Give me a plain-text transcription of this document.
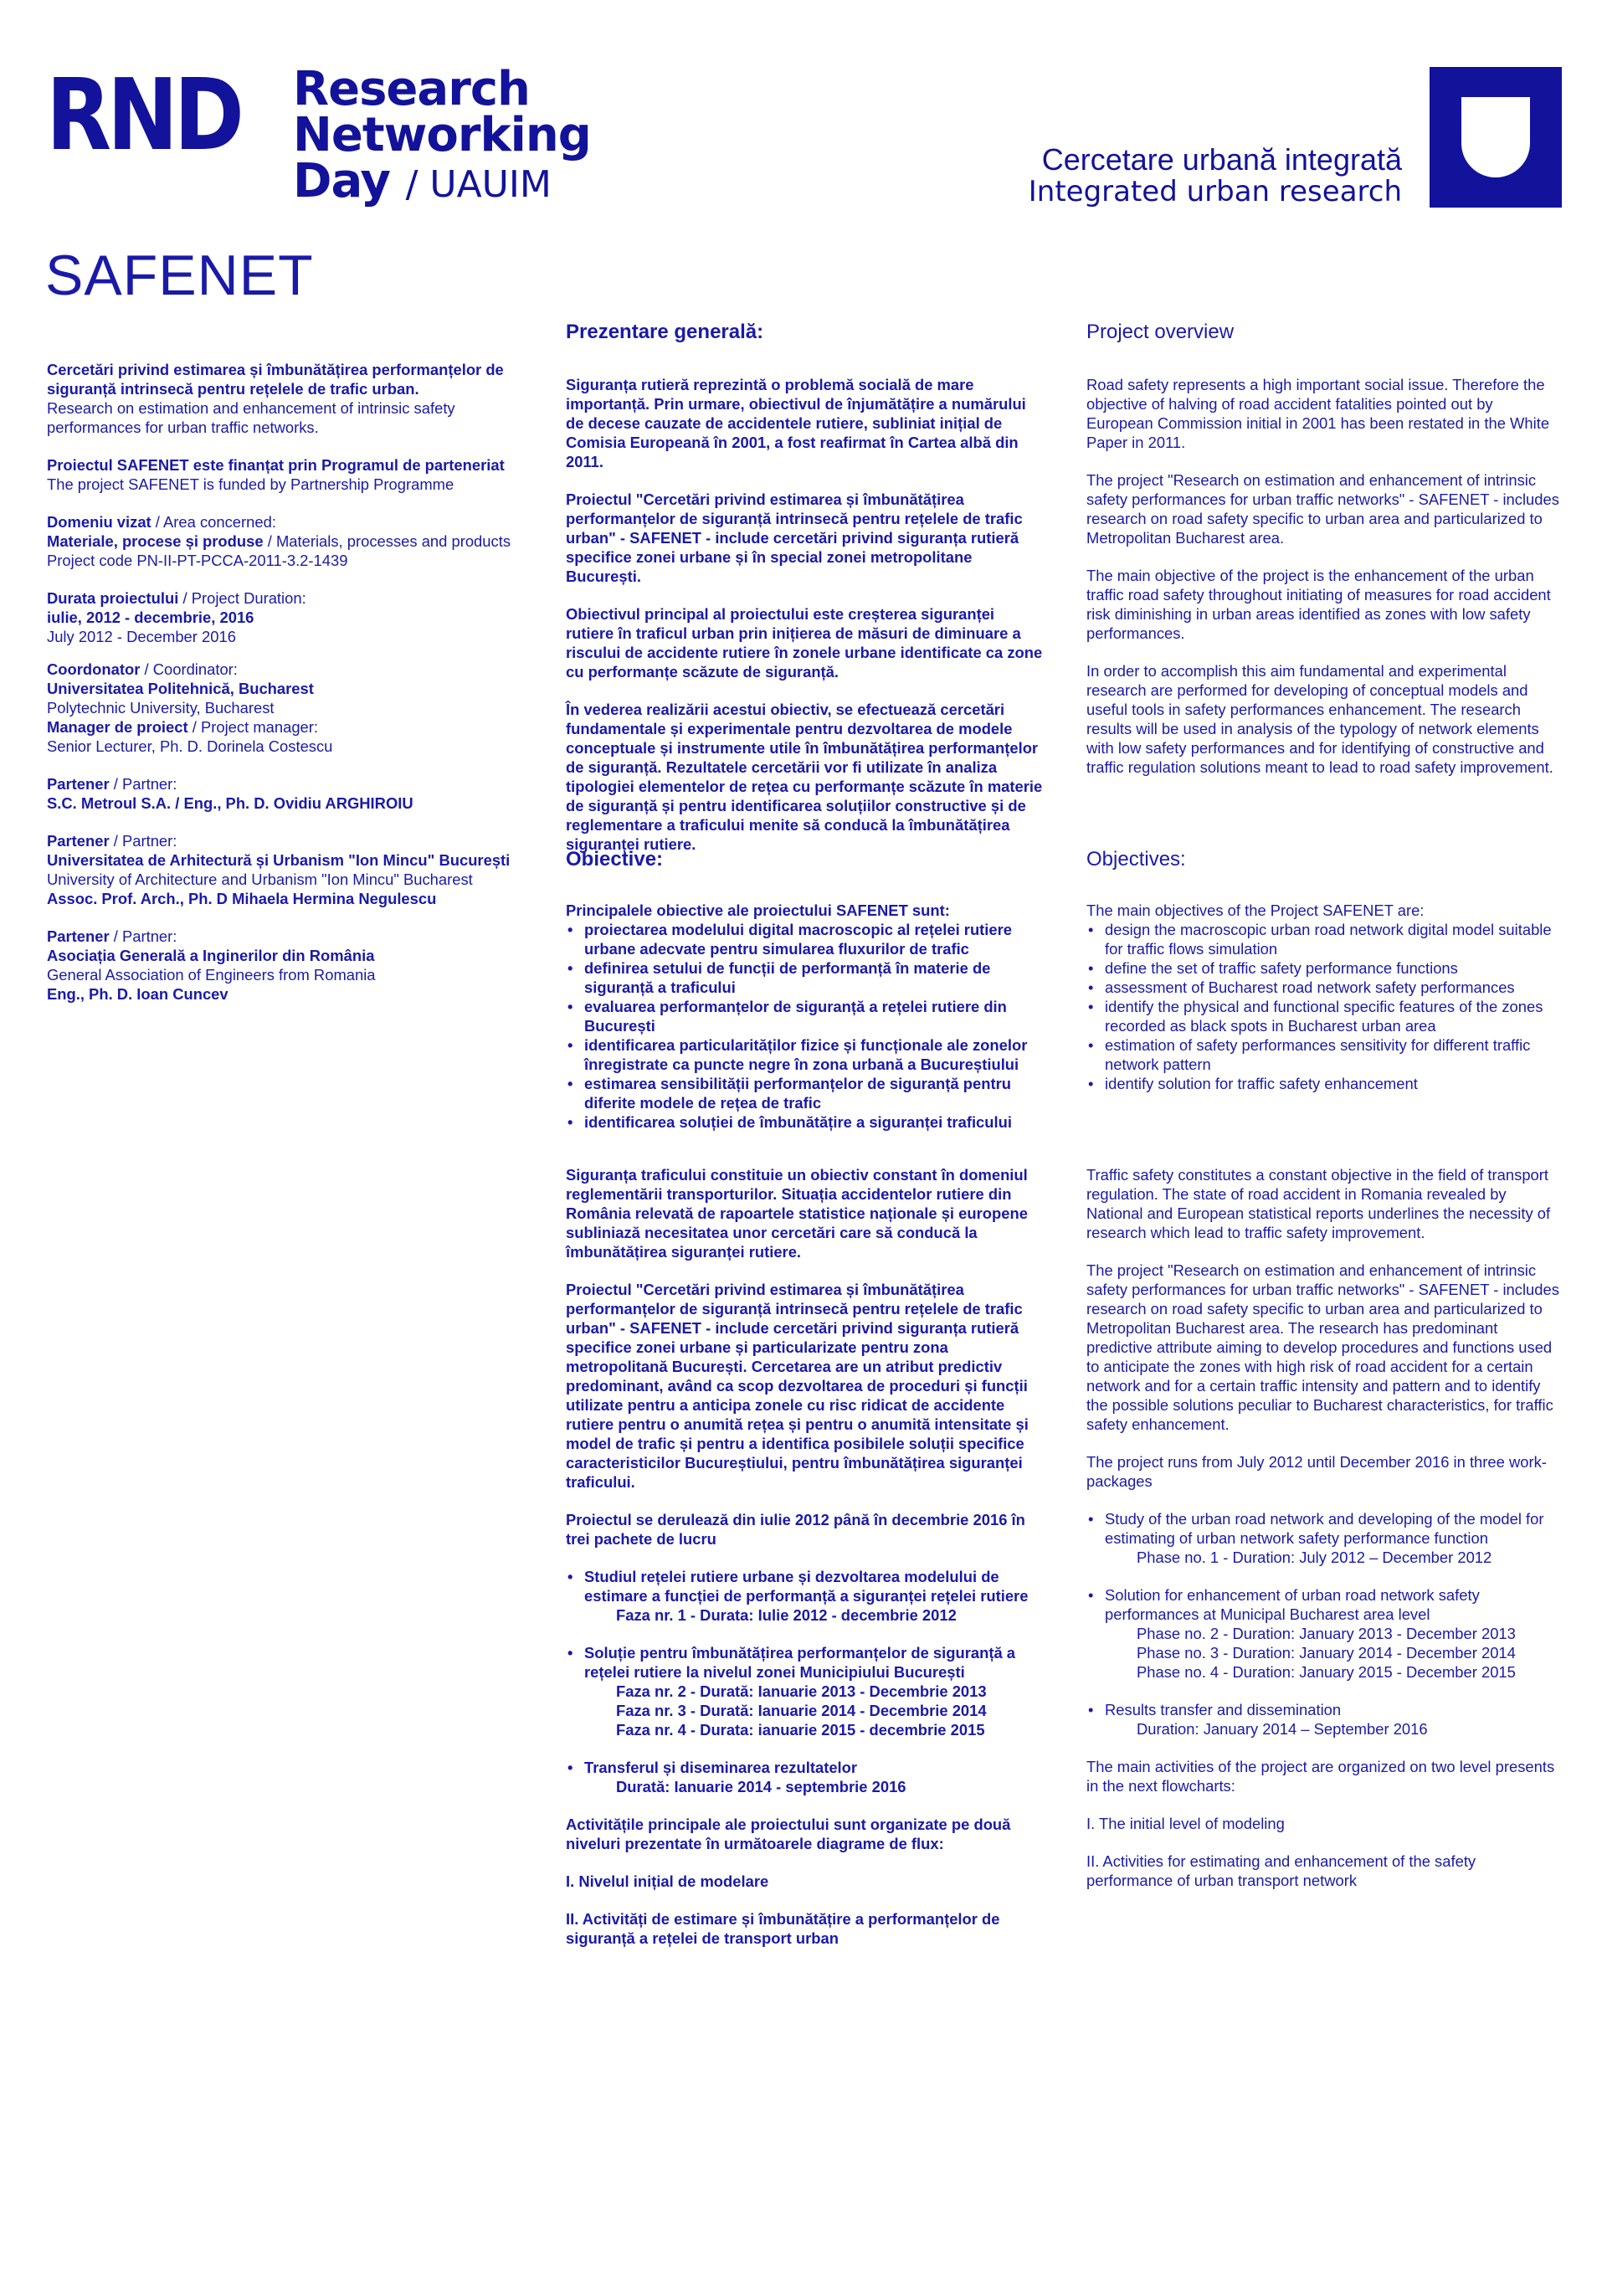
RND Research
Networking
Day / UAUIM
Cercetare urbană integrată
Integrated urban research
SAFENET

Cercetări privind estimarea și îmbunătățirea performanțelor de siguranță intrinsecă pentru rețelele de trafic urban.

Research on estimation and enhancement of intrinsic safety performances for urban traffic networks.

Proiectul SAFENET este finanțat prin Programul de parteneriat

The project SAFENET is funded by Partnership Programme

Domeniu vizat / Area concerned:

Materiale, procese și produse / Materials, processes and products

Project code PN-II-PT-PCCA-2011-3.2-1439

Durata proiectului / Project Duration:

iulie, 2012 - decembrie, 2016

July 2012 - December 2016

Coordonator / Coordinator:

Universitatea Politehnică, Bucharest

Polytechnic University, Bucharest

Manager de proiect / Project manager:

Senior Lecturer, Ph. D. Dorinela Costescu

Partener / Partner:

S.C. Metroul S.A. / Eng., Ph. D. Ovidiu ARGHIROIU

Partener / Partner:

Universitatea de Arhitectură și Urbanism "Ion Mincu" București

University of Architecture and Urbanism "Ion Mincu" Bucharest

Assoc. Prof. Arch., Ph. D Mihaela Hermina Negulescu

Partener / Partner:

Asociația Generală a Inginerilor din România

General Association of Engineers from Romania

Eng., Ph. D. Ioan Cuncev

Prezentare generală:

Siguranța rutieră reprezintă o problemă socială de mare importanță. Prin urmare, obiectivul de înjumătățire a numărului de decese cauzate de accidentele rutiere, subliniat inițial de Comisia Europeană în 2001, a fost reafirmat în Cartea albă din 2011.

Proiectul "Cercetări privind estimarea și îmbunătățirea performanțelor de siguranță intrinsecă pentru rețelele de trafic urban" - SAFENET - include cercetări privind siguranța rutieră specifice zonei urbane și în special zonei metropolitane București.

Obiectivul principal al proiectului este creșterea siguranței rutiere în traficul urban prin inițierea de măsuri de diminuare a riscului de accidente rutiere în zonele urbane identificate ca zone cu performanțe scăzute de siguranță.

În vederea realizării acestui obiectiv, se efectuează cercetări fundamentale și experimentale pentru dezvoltarea de modele conceptuale și instrumente utile în îmbunătățirea performanțelor de siguranță. Rezultatele cercetării vor fi utilizate în analiza tipologiei elementelor de rețea cu performanțe scăzute în materie de siguranță și pentru identificarea soluțiilor constructive și de reglementare a traficului menite să conducă la îmbunătățirea siguranței rutiere.

Project overview

Road safety represents a high important social issue. Therefore the objective of halving of road accident fatalities pointed out by European Commission initial in 2001 has been restated in the White Paper in 2011.

The project "Research on estimation and enhancement of intrinsic safety performances for urban traffic networks" - SAFENET - includes research on road safety specific to urban area and particularized to Metropolitan Bucharest area.

The main objective of the project is the enhancement of the urban traffic road safety throughout initiating of measures for road accident risk diminishing in urban areas identified as zones with low safety performances.

In order to accomplish this aim fundamental and experimental research are performed for developing of conceptual models and useful tools in safety performances enhancement. The research results will be used in analysis of the typology of network elements with low safety performances and for identifying of constructive and traffic regulation solutions meant to lead to road safety improvement.

Obiective:

Principalele obiective ale proiectului SAFENET sunt:

• proiectarea modelului digital macroscopic al rețelei rutiere urbane adecvate pentru simularea fluxurilor de trafic
• definirea setului de funcții de performanță în materie de siguranță a traficului
• evaluarea performanțelor de siguranță a rețelei rutiere din București
• identificarea particularităților fizice și funcționale ale zonelor înregistrate ca puncte negre în zona urbană a Bucureștiului
• estimarea sensibilității performanțelor de siguranță pentru diferite modele de rețea de trafic
• identificarea soluției de îmbunătățire a siguranței traficului
Objectives:

The main objectives of the Project SAFENET are:

• design the macroscopic urban road network digital model suitable for traffic flows simulation
• define the set of traffic safety performance functions
• assessment of Bucharest road network safety performances
• identify the physical and functional specific features of the zones recorded as black spots in Bucharest urban area
• estimation of safety performances sensitivity for different traffic network pattern
• identify solution for traffic safety enhancement

Siguranța traficului constituie un obiectiv constant în domeniul reglementării transporturilor. Situația accidentelor rutiere din România relevată de rapoartele statistice naționale și europene subliniază necesitatea unor cercetări care să conducă la îmbunătățirea siguranței rutiere.

Proiectul "Cercetări privind estimarea și îmbunătățirea performanțelor de siguranță intrinsecă pentru rețelele de trafic urban" - SAFENET - include cercetări privind siguranța rutieră specifice zonei urbane și particularizate pentru zona metropolitană București. Cercetarea are un atribut predictiv predominant, având ca scop dezvoltarea de proceduri și funcții utilizate pentru a anticipa zonele cu risc ridicat de accidente rutiere pentru o anumită rețea și pentru o anumită intensitate și model de trafic și pentru a identifica posibilele soluții specifice caracteristicilor Bucureștiului, pentru îmbunătățirea siguranței traficului.

Proiectul se derulează din iulie 2012 până în decembrie 2016 în trei pachete de lucru

• Studiul rețelei rutiere urbane și dezvoltarea modelului de estimare a funcției de performanță a siguranței rețelei rutiere
Faza nr. 1 - Durata: Iulie 2012 - decembrie 2012
• Soluție pentru îmbunătățirea performanțelor de siguranță a rețelei rutiere la nivelul zonei Municipiului București
Faza nr. 2 - Durată: Ianuarie 2013 - Decembrie 2013
Faza nr. 3 - Durată: Ianuarie 2014 - Decembrie 2014
Faza nr. 4 - Durata: ianuarie 2015 - decembrie 2015
• Transferul și diseminarea rezultatelor
Durată: Ianuarie 2014 - septembrie 2016

Activitățile principale ale proiectului sunt organizate pe două niveluri prezentate în următoarele diagrame de flux:

I. Nivelul inițial de modelare

II. Activități de estimare și îmbunătățire a performanțelor de siguranță a rețelei de transport urban

Traffic safety constitutes a constant objective in the field of transport regulation. The state of road accident in Romania revealed by National and European statistical reports underlines the necessity of research which lead to traffic safety improvement.

The project "Research on estimation and enhancement of intrinsic safety performances for urban traffic networks" - SAFENET - includes research on road safety specific to urban area and particularized to Metropolitan Bucharest area. The research has predominant predictive attribute aiming to develop procedures and functions used to anticipate the zones with high risk of road accident for a certain network and for a certain traffic intensity and pattern and to identify the possible solutions peculiar to Bucharest characteristics, for traffic safety enhancement.

The project runs from July 2012 until December 2016 in three work-packages

• Study of the urban road network and developing of the model for estimating of urban network safety performance function
Phase no. 1 - Duration: July 2012 – December 2012
• Solution for enhancement of urban road network safety performances at Municipal Bucharest area level
Phase no. 2 - Duration: January 2013 - December 2013
Phase no. 3 - Duration: January 2014 - December 2014
Phase no. 4 - Duration: January 2015 - December 2015
• Results transfer and dissemination
Duration: January 2014 – September 2016

The main activities of the project are organized on two level presents in the next flowcharts:

I. The initial level of modeling

II. Activities for estimating and enhancement of the safety performance of urban transport network
